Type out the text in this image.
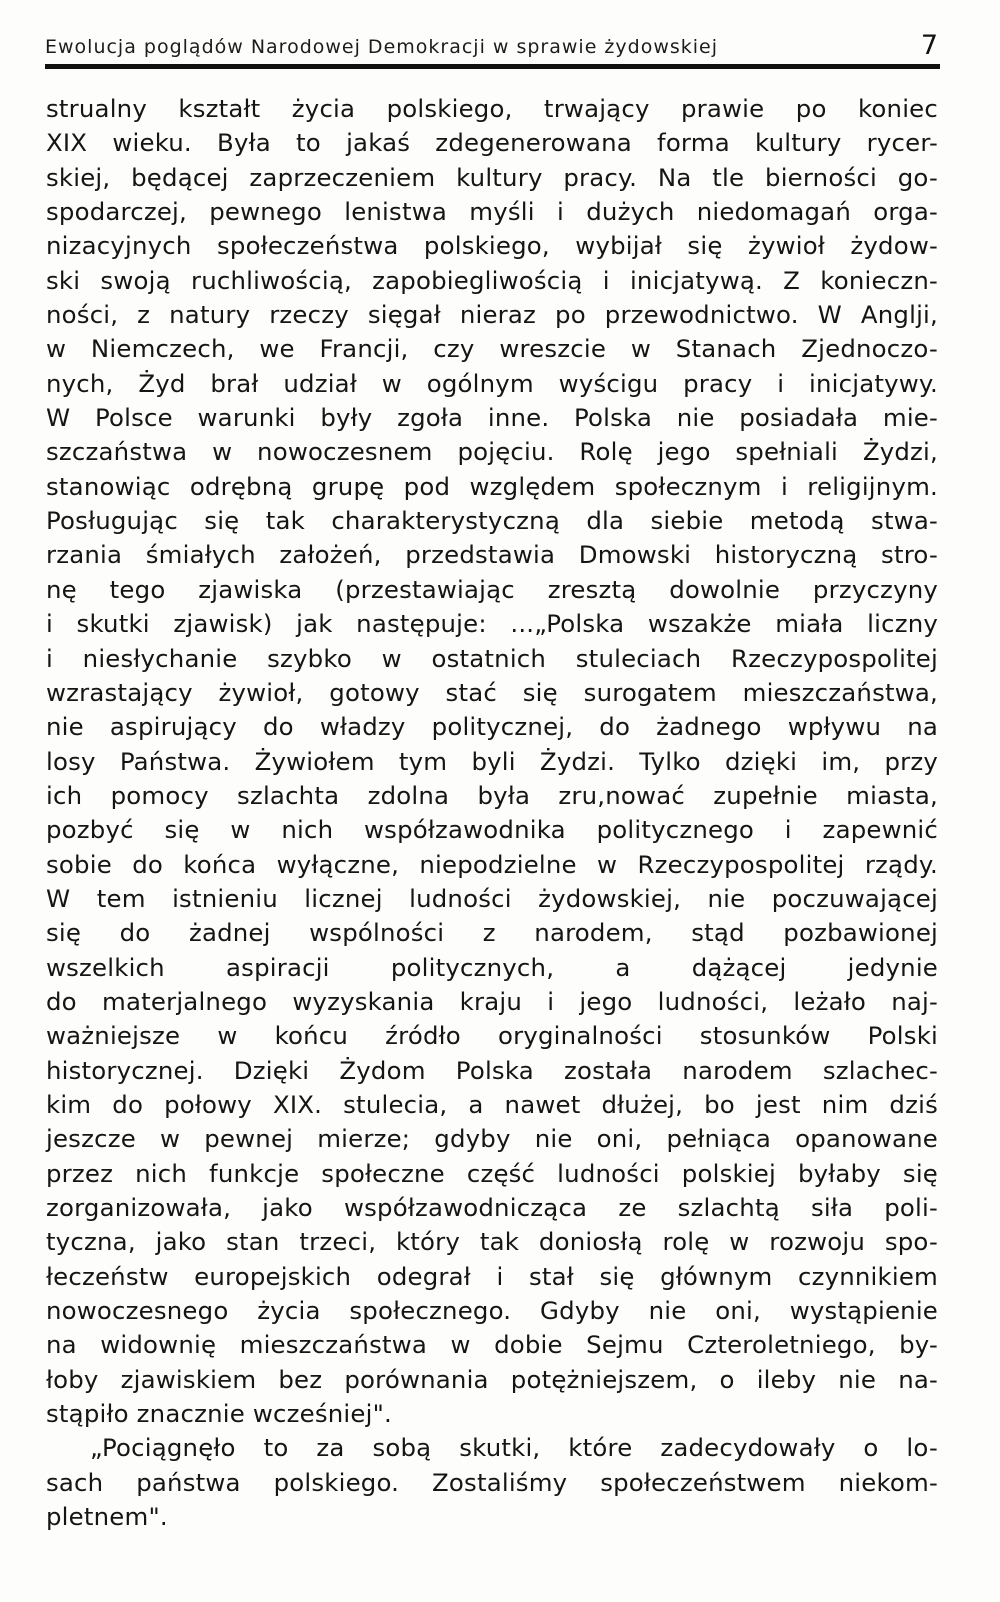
Ewolucja poglądów Narodowej Demokracji w sprawie żydowskiej	7
strualny kształt życia polskiego, trwający prawie po koniec
XIX wieku. Była to jakaś zdegenerowana forma kultury rycer-
skiej, będącej zaprzeczeniem kultury pracy. Na tle bierności go-
spodarczej, pewnego lenistwa myśli i dużych niedomagań orga-
nizacyjnych społeczeństwa polskiego, wybijał się żywioł żydow-
ski swoją ruchliwością, zapobiegliwością i inicjatywą. Z konieczn-
ności, z natury rzeczy sięgał nieraz po przewodnictwo. W Anglji,
w Niemczech, we Francji, czy wreszcie w Stanach Zjednoczo-
nych, Żyd brał udział w ogólnym wyścigu pracy i inicjatywy.
W Polsce warunki były zgoła inne. Polska nie posiadała mie-
szczaństwa w nowoczesnem pojęciu. Rolę jego spełniali Żydzi,
stanowiąc odrębną grupę pod względem społecznym i religijnym.
Posługując się tak charakterystyczną dla siebie metodą stwa-
rzania śmiałych założeń, przedstawia Dmowski historyczną stro-
nę tego zjawiska (przestawiając zresztą dowolnie przyczyny
i skutki zjawisk) jak następuje: ...„Polska wszakże miała liczny
i niesłychanie szybko w ostatnich stuleciach Rzeczypospolitej
wzrastający żywioł, gotowy stać się surogatem mieszczaństwa,
nie aspirujący do władzy politycznej, do żadnego wpływu na
losy Państwa. Żywiołem tym byli Żydzi. Tylko dzięki im, przy
ich pomocy szlachta zdolna była zru,nować zupełnie miasta,
pozbyć się w nich współzawodnika politycznego i zapewnić
sobie do końca wyłączne, niepodzielne w Rzeczypospolitej rządy.
W tem istnieniu licznej ludności żydowskiej, nie poczuwającej
się do żadnej wspólności z narodem, stąd pozbawionej
wszelkich aspiracji politycznych, a dążącej jedynie
do materjalnego wyzyskania kraju i jego ludności, leżało naj-
ważniejsze w końcu źródło oryginalności stosunków Polski
historycznej. Dzięki Żydom Polska została narodem szlachec-
kim do połowy XIX. stulecia, a nawet dłużej, bo jest nim dziś
jeszcze w pewnej mierze; gdyby nie oni, pełniąca opanowane
przez nich funkcje społeczne część ludności polskiej byłaby się
zorganizowała, jako współzawodnicząca ze szlachtą siła poli-
tyczna, jako stan trzeci, który tak doniosłą rolę w rozwoju spo-
łeczeństw europejskich odegrał i stał się głównym czynnikiem
nowoczesnego życia społecznego. Gdyby nie oni, wystąpienie
na widownię mieszczaństwa w dobie Sejmu Czteroletniego, by-
łoby zjawiskiem bez porównania potężniejszem, o ileby nie na-
stąpiło znacznie wcześniej".
„Pociągnęło to za sobą skutki, które zadecydowały o lo-
sach państwa polskiego. Zostaliśmy społeczeństwem niekom-
pletnem".
